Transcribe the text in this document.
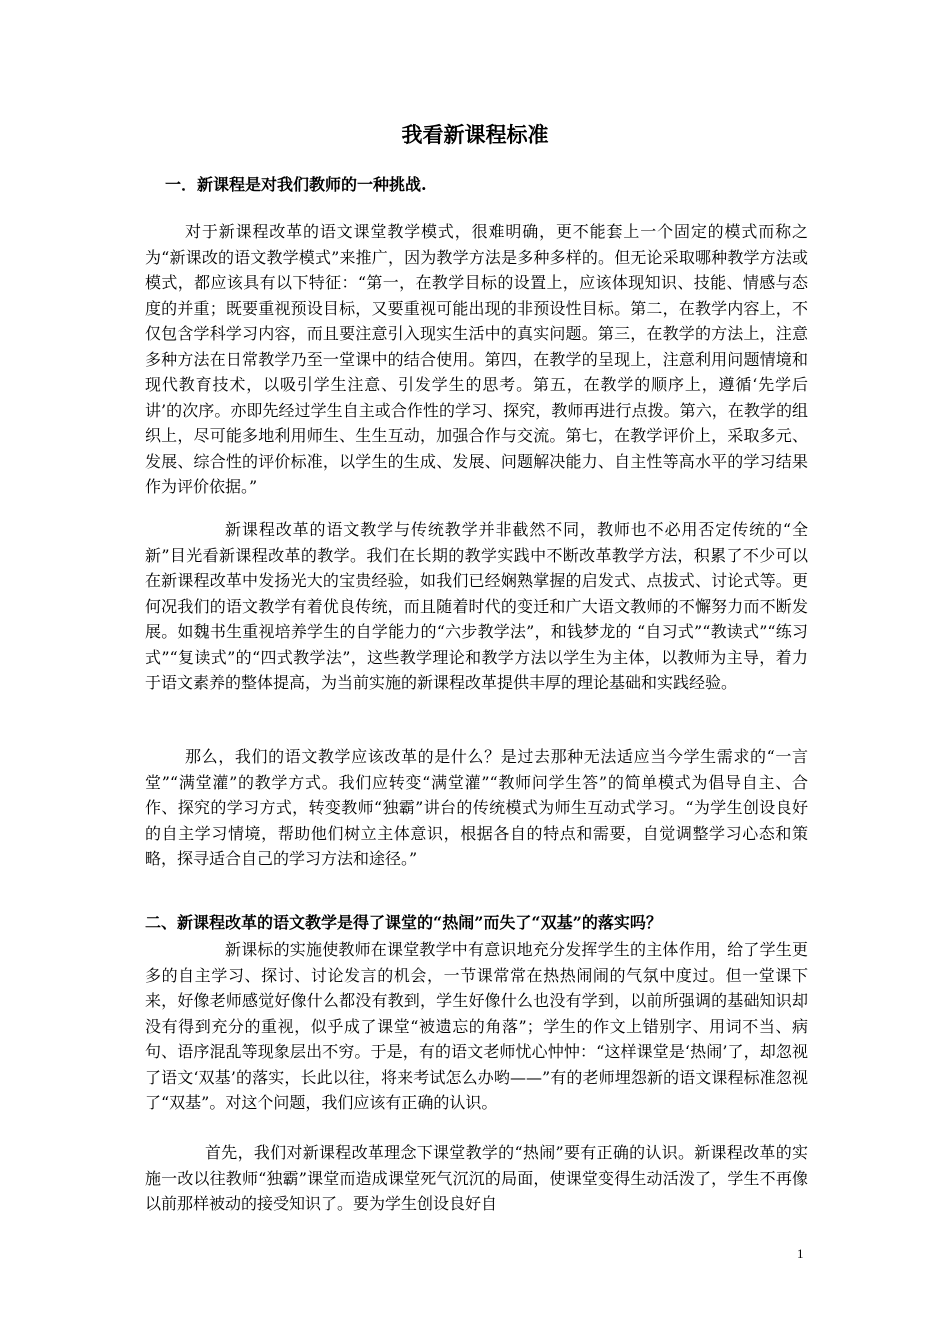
我看新课程标准
一．新课程是对我们教师的一种挑战.

对于新课程改革的语文课堂教学模式，很难明确，更不能套上一个固定的模式而称之为“新课改的语文教学模式”来推广，因为教学方法是多种多样的。但无论采取哪种教学方法或模式，都应该具有以下特征：“第一，在教学目标的设置上，应该体现知识、技能、情感与态度的并重；既要重视预设目标，又要重视可能出现的非预设性目标。第二，在教学内容上，不仅包含学科学习内容，而且要注意引入现实生活中的真实问题。第三，在教学的方法上，注意多种方法在日常教学乃至一堂课中的结合使用。第四，在教学的呈现上，注意利用问题情境和现代教育技术，以吸引学生注意、引发学生的思考。第五，在教学的顺序上，遵循‘先学后讲’的次序。亦即先经过学生自主或合作性的学习、探究，教师再进行点拨。第六，在教学的组织上，尽可能多地利用师生、生生互动，加强合作与交流。第七，在教学评价上，采取多元、发展、综合性的评价标准，以学生的生成、发展、问题解决能力、自主性等高水平的学习结果作为评价依据。”

新课程改革的语文教学与传统教学并非截然不同，教师也不必用否定传统的“全新”目光看新课程改革的教学。我们在长期的教学实践中不断改革教学方法，积累了不少可以在新课程改革中发扬光大的宝贵经验，如我们已经娴熟掌握的启发式、点拔式、讨论式等。更何况我们的语文教学有着优良传统，而且随着时代的变迁和广大语文教师的不懈努力而不断发展。如魏书生重视培养学生的自学能力的“六步教学法”，和钱梦龙的 “自习式”“教读式”“练习式”“复读式”的“四式教学法”，这些教学理论和教学方法以学生为主体，以教师为主导，着力于语文素养的整体提高，为当前实施的新课程改革提供丰厚的理论基础和实践经验。

那么，我们的语文教学应该改革的是什么？是过去那种无法适应当今学生需求的“一言堂”“满堂灌”的教学方式。我们应转变“满堂灌”“教师问学生答”的简单模式为倡导自主、合作、探究的学习方式，转变教师“独霸”讲台的传统模式为师生互动式学习。“为学生创设良好的自主学习情境，帮助他们树立主体意识，根据各自的特点和需要，自觉调整学习心态和策略，探寻适合自己的学习方法和途径。”

二、新课程改革的语文教学是得了课堂的“热闹”而失了“双基”的落实吗？

新课标的实施使教师在课堂教学中有意识地充分发挥学生的主体作用，给了学生更多的自主学习、探讨、讨论发言的机会，一节课常常在热热闹闹的气氛中度过。但一堂课下来，好像老师感觉好像什么都没有教到，学生好像什么也没有学到，以前所强调的基础知识却没有得到充分的重视，似乎成了课堂“被遗忘的角落”；学生的作文上错别字、用词不当、病句、语序混乱等现象层出不穷。于是，有的语文老师忧心忡忡：“这样课堂是‘热闹’了，却忽视了语文‘双基’的落实，长此以往，将来考试怎么办哟——”有的老师埋怨新的语文课程标准忽视了“双基”。对这个问题，我们应该有正确的认识。

首先，我们对新课程改革理念下课堂教学的“热闹”要有正确的认识。新课程改革的实施一改以往教师“独霸”课堂而造成课堂死气沉沉的局面，使课堂变得生动活泼了，学生不再像以前那样被动的接受知识了。要为学生创设良好自

1
